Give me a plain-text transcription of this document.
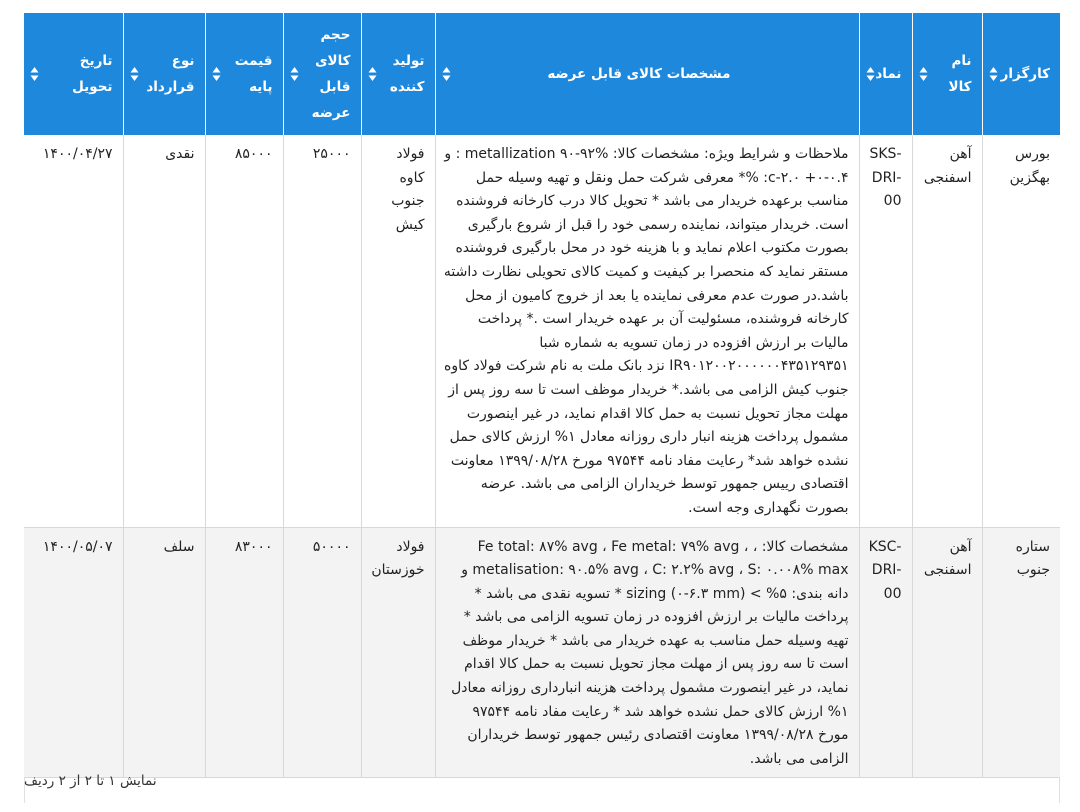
کارگزار	نام کالا	نماد	مشخصات کالای قابل عرضه	تولید کننده	حجم کالای قابل عرضه	قیمت پایه	نوع قرارداد	تاریخ تحویل

بورس بهگزین	آهن اسفنجی	SKS-DRI-00	ملاحظات و شرایط ویژه: مشخصات کالا: metallization ۹۰-۹۲% : و ۰.۴-۰+ ۲.۰-c: %* معرفی شرکت حمل ونقل و تهیه وسیله حمل مناسب برعهده خریدار می باشد * تحویل کالا درب کارخانه فروشنده است. خریدار میتواند، نماینده رسمی خود را قبل از شروع بارگیری بصورت مکتوب اعلام نماید و با هزینه خود در محل بارگیری فروشنده مستقر نماید که منحصرا بر کیفیت و کمیت کالای تحویلی نظارت داشته باشد.در صورت عدم معرفی نماینده یا بعد از خروج کامیون از محل کارخانه فروشنده، مسئولیت آن بر عهده خریدار است .* پرداخت مالیات بر ارزش افزوده در زمان تسویه به شماره شبا IR۹۰۱۲۰۰۲۰۰۰۰۰۰۴۳۵۱۲۹۳۵۱ نزد بانک ملت به نام شرکت فولاد کاوه جنوب کیش الزامی می باشد.* خریدار موظف است تا سه روز پس از مهلت مجاز تحویل نسبت به حمل کالا اقدام نماید، در غیر اینصورت مشمول پرداخت هزینه انبار داری روزانه معادل ۱% ارزش کالای حمل نشده خواهد شد* رعایت مفاد نامه ۹۷۵۴۴ مورخ ۱۳۹۹/۰۸/۲۸ معاونت اقتصادی رییس جمهور توسط خریداران الزامی می باشد. عرضه بصورت نگهداری وجه است.	فولاد کاوه جنوب کیش	۲۵۰۰۰	۸۵۰۰۰	نقدی	۱۴۰۰/۰۴/۲۷
ستاره جنوب	آهن اسفنجی	KSC-DRI-00	مشخصات کالا: ، Fe total: ۸۷% avg ، Fe metal: ۷۹% avg ، metalisation: ۹۰.۵% avg ، C: ۲.۲% avg ، S: ۰.۰۰۸% max و دانه بندی: ۵% > (sizing (۰-۶.۳ mm * تسویه نقدی می باشد * پرداخت مالیات بر ارزش افزوده در زمان تسویه الزامی می باشد * تهیه وسیله حمل مناسب به عهده خریدار می باشد * خریدار موظف است تا سه روز پس از مهلت مجاز تحویل نسبت به حمل کالا اقدام نماید، در غیر اینصورت مشمول پرداخت هزینه انبارداری روزانه معادل ۱% ارزش کالای حمل نشده خواهد شد * رعایت مفاد نامه ۹۷۵۴۴ مورخ ۱۳۹۹/۰۸/۲۸ معاونت اقتصادی رئیس جمهور توسط خریداران الزامی می باشد.	فولاد خوزستان	۵۰۰۰۰	۸۳۰۰۰	سلف	۱۴۰۰/۰۵/۰۷
نمایش ۱ تا ۲ از ۲ ردیف
